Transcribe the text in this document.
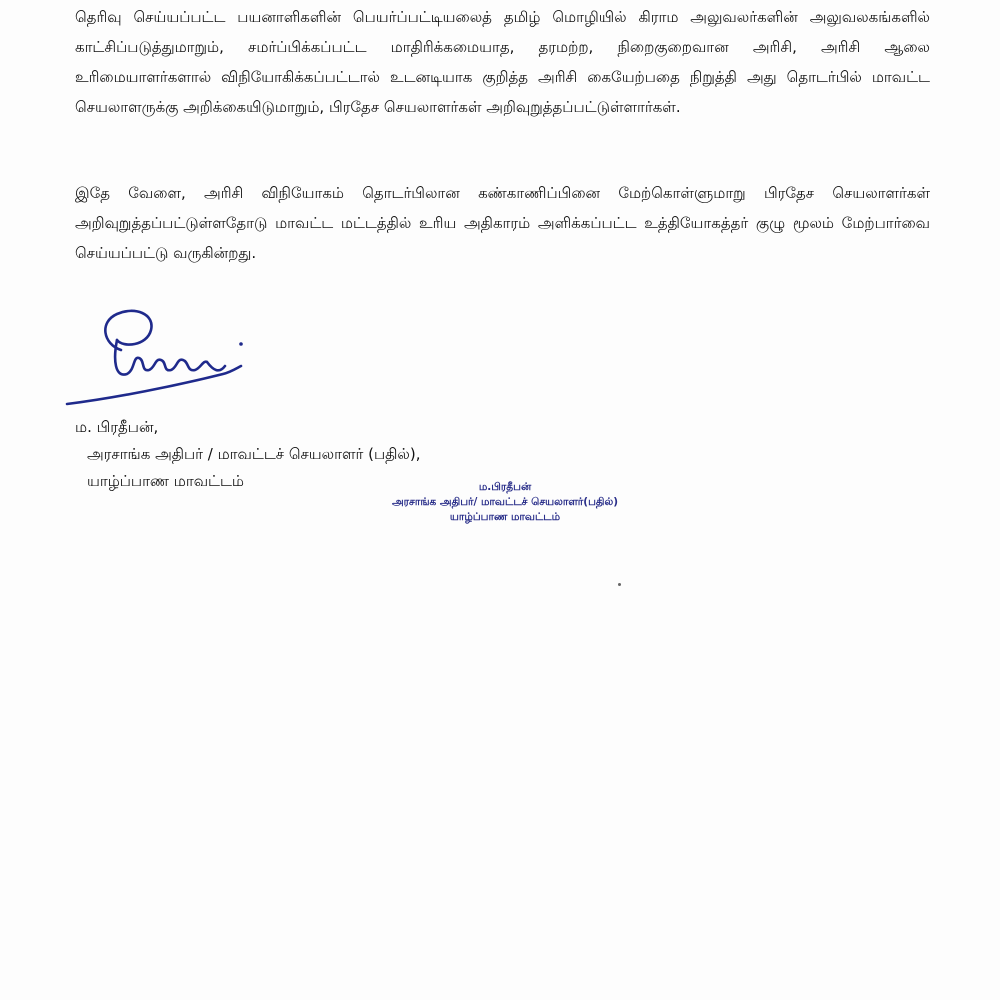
தெரிவு செய்யப்பட்ட பயனாளிகளின் பெயர்ப்பட்டியலைத் தமிழ் மொழியில் கிராம அலுவலர்களின் அலுவலகங்களில் காட்சிப்படுத்துமாறும், சமர்ப்பிக்கப்பட்ட மாதிரிக்கமையாத, தரமற்ற, நிறைகுறைவான அரிசி, அரிசி ஆலை உரிமையாளர்களால் விநியோகிக்கப்பட்டால் உடனடியாக குறித்த அரிசி கையேற்பதை நிறுத்தி அது தொடர்பில் மாவட்ட செயலாளருக்கு அறிக்கையிடுமாறும், பிரதேச செயலாளர்கள் அறிவுறுத்தப்பட்டுள்ளார்கள்.

இதே வேளை, அரிசி விநியோகம் தொடர்பிலான கண்காணிப்பினை மேற்கொள்ளுமாறு பிரதேச செயலாளர்கள் அறிவுறுத்தப்பட்டுள்ளதோடு மாவட்ட மட்டத்தில் உரிய அதிகாரம் அளிக்கப்பட்ட உத்தியோகத்தர் குழு மூலம் மேற்பார்வை செய்யப்பட்டு வருகின்றது.

ம. பிரதீபன்,
அரசாங்க அதிபர் / மாவட்டச் செயலாளர் (பதில்),
யாழ்ப்பாண மாவட்டம்	ம.பிரதீபன்
அரசாங்க அதிபர்/ மாவட்டச் செயலாளர்(பதில்)
யாழ்ப்பாண மாவட்டம்
